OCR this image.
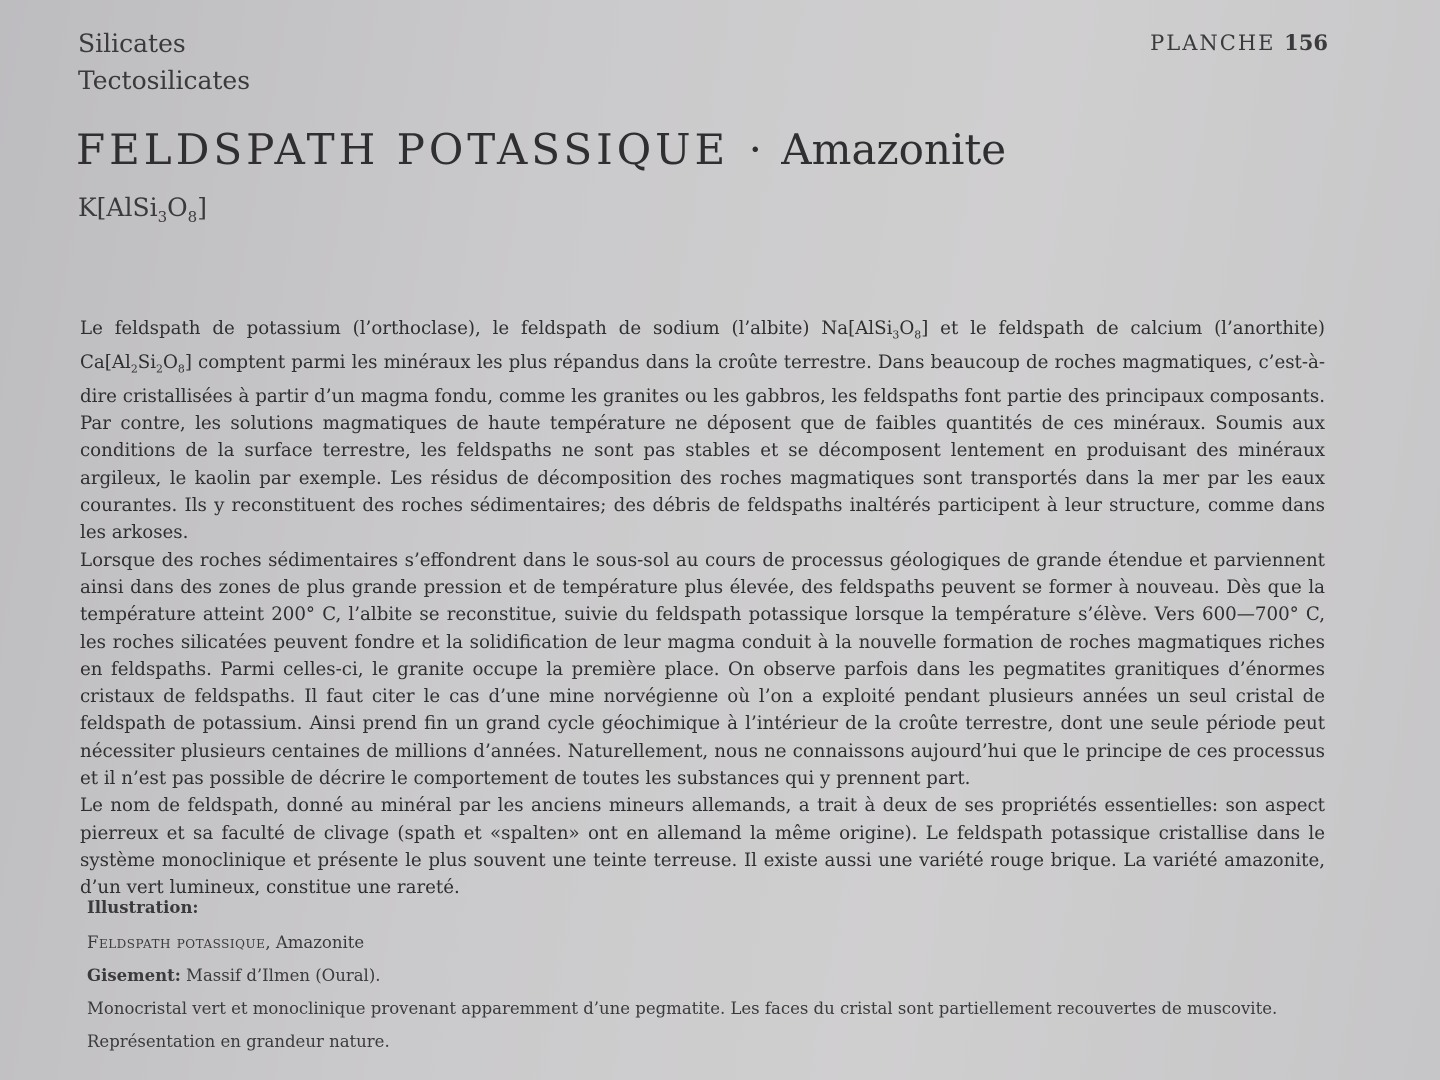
Silicates
Tectosilicates
PLANCHE 156
FELDSPATH POTASSIQUE · Amazonite
$K[AlSi_3O_8]$

Le feldspath de potassium (l’orthoclase), le feldspath de sodium (l’albite) $Na[AlSi_3O_8]$ et le feldspath de calcium (l’anorthite) $Ca[Al_2Si_2O_8]$ comptent parmi les minéraux les plus répandus dans la croûte terrestre. Dans beaucoup de roches magmatiques, c’est-à-dire cristallisées à partir d’un magma fondu, comme les granites ou les gabbros, les feldspaths font partie des principaux composants. Par contre, les solutions magmatiques de haute température ne déposent que de faibles quantités de ces minéraux. Soumis aux conditions de la surface terrestre, les feldspaths ne sont pas stables et se décomposent lentement en produisant des minéraux argileux, le kaolin par exemple. Les résidus de décomposition des roches magmatiques sont transportés dans la mer par les eaux courantes. Ils y reconstituent des roches sédimentaires; des débris de feldspaths inaltérés participent à leur structure, comme dans les arkoses.

Lorsque des roches sédimentaires s’effondrent dans le sous-sol au cours de processus géologiques de grande étendue et parviennent ainsi dans des zones de plus grande pression et de température plus élevée, des feldspaths peuvent se former à nouveau. Dès que la température atteint 200° C, l’albite se reconstitue, suivie du feldspath potassique lorsque la température s’élève. Vers 600—700° C, les roches silicatées peuvent fondre et la solidification de leur magma conduit à la nouvelle formation de roches magmatiques riches en feldspaths. Parmi celles-ci, le granite occupe la première place. On observe parfois dans les pegmatites granitiques d’énormes cristaux de feldspaths. Il faut citer le cas d’une mine norvégienne où l’on a exploité pendant plusieurs années un seul cristal de feldspath de potassium. Ainsi prend fin un grand cycle géochimique à l’intérieur de la croûte terrestre, dont une seule période peut nécessiter plusieurs centaines de millions d’années. Naturellement, nous ne connaissons aujourd’hui que le principe de ces processus et il n’est pas possible de décrire le comportement de toutes les substances qui y prennent part.

Le nom de feldspath, donné au minéral par les anciens mineurs allemands, a trait à deux de ses propriétés essentielles: son aspect pierreux et sa faculté de clivage (spath et «spalten» ont en allemand la même origine). Le feldspath potassique cristallise dans le système monoclinique et présente le plus souvent une teinte terreuse. Il existe aussi une variété rouge brique. La variété amazonite, d’un vert lumineux, constitue une rareté.

Illustration:
Feldspath potassique, Amazonite
Gisement: Massif d’Ilmen (Oural).
Monocristal vert et monoclinique provenant apparemment d’une pegmatite. Les faces du cristal sont partiellement recouvertes de muscovite.
Représentation en grandeur nature.
